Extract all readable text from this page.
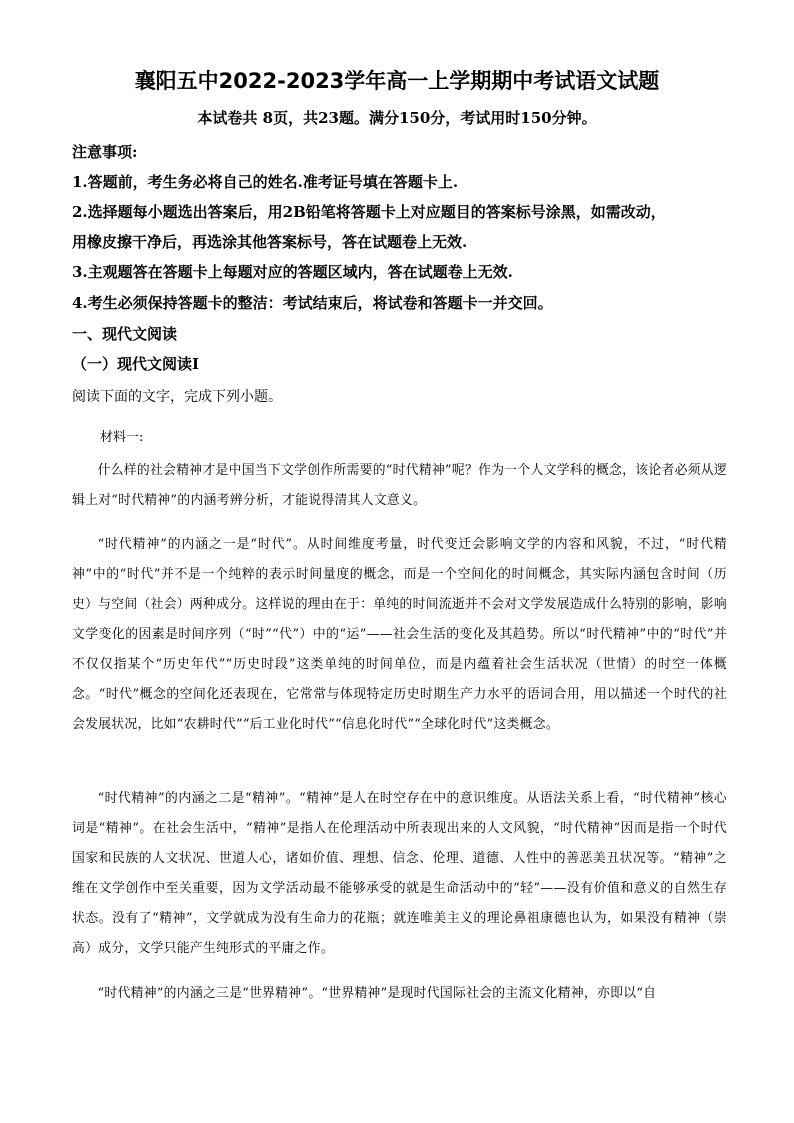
襄阳五中2022-2023学年高一上学期期中考试语文试题
本试卷共 8页，共23题。满分150分，考试用时150分钟。
注意事项:
1.答题前，考生务必将自己的姓名.准考证号填在答题卡上.
2.选择题每小题选出答案后，用2B铅笔将答题卡上对应题目的答案标号涂黑，如需改动，
用橡皮擦干净后，再选涂其他答案标号，答在试题卷上无效.
3.主观题答在答题卡上每题对应的答题区域内，答在试题卷上无效.
4.考生必须保持答题卡的整洁：考试结束后，将试卷和答题卡一并交回。
一、现代文阅读
（一）现代文阅读Ⅰ
阅读下面的文字，完成下列小题。
材料一:

什么样的社会精神才是中国当下文学创作所需要的“时代精神”呢？作为一个人文学科的概念，该论者必须从逻辑上对“时代精神”的内涵考辨分析，才能说得清其人文意义。

“时代精神”的内涵之一是“时代”。从时间维度考量，时代变迁会影响文学的内容和风貌，不过，“时代精神”中的“时代”并不是一个纯粹的表示时间量度的概念，而是一个空间化的时间概念，其实际内涵包含时间（历史）与空间（社会）两种成分。这样说的理由在于：单纯的时间流逝并不会对文学发展造成什么特别的影响，影响文学变化的因素是时间序列（“时”“代”）中的“运”——社会生活的变化及其趋势。所以“时代精神”中的“时代”并不仅仅指某个“历史年代”“历史时段”这类单纯的时间单位，而是内蕴着社会生活状况（世情）的时空一体概念。“时代”概念的空间化还表现在，它常常与体现特定历史时期生产力水平的语词合用，用以描述一个时代的社会发展状况，比如“农耕时代”“后工业化时代”“信息化时代”“全球化时代”这类概念。

“时代精神”的内涵之二是“精神”。“精神”是人在时空存在中的意识维度。从语法关系上看，“时代精神”核心词是“精神”。在社会生活中，“精神”是指人在伦理活动中所表现出来的人文风貌，“时代精神”因而是指一个时代国家和民族的人文状况、世道人心，诸如价值、理想、信念、伦理、道德、人性中的善恶美丑状况等。“精神”之维在文学创作中至关重要，因为文学活动最不能够承受的就是生命活动中的“轻”——没有价值和意义的自然生存状态。没有了“精神”，文学就成为没有生命力的花瓶；就连唯美主义的理论鼻祖康德也认为，如果没有精神（崇高）成分，文学只能产生纯形式的平庸之作。

“时代精神”的内涵之三是“世界精神”。“世界精神”是现时代国际社会的主流文化精神，亦即以“自
